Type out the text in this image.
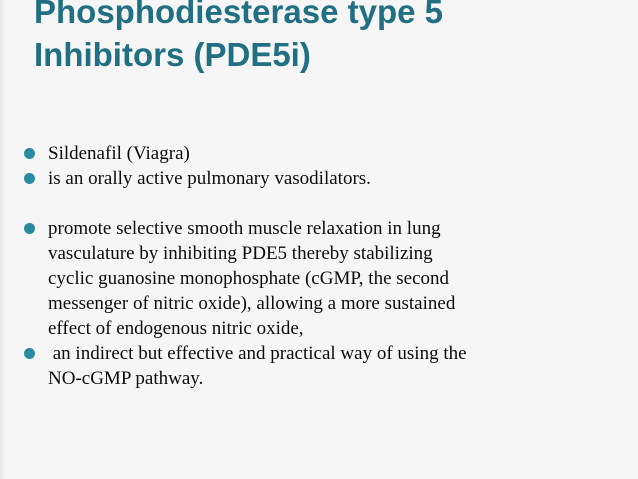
Phosphodiesterase type 5
Inhibitors (PDE5i)
Sildenafil (Viagra)
is an orally active pulmonary vasodilators.
promote selective smooth muscle relaxation in lung
vasculature by inhibiting PDE5 thereby stabilizing
cyclic guanosine monophosphate (cGMP, the second
messenger of nitric oxide), allowing a more sustained
effect of endogenous nitric oxide,
an indirect but effective and practical way of using the
NO-cGMP pathway.
